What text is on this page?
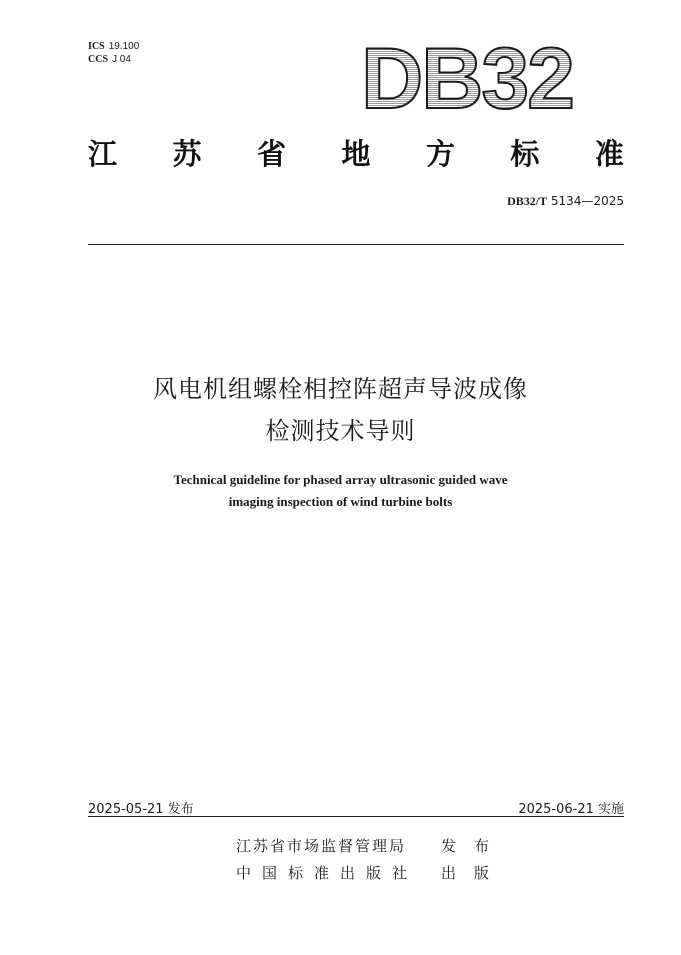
ICS 19.100
CCS J 04	DB32
江 苏 省 地 方 标 准
DB32/T 5134—2025
风电机组螺栓相控阵超声导波成像
检测技术导则
Technical guideline for phased array ultrasonic guided wave
imaging inspection of wind turbine bolts
2025-05-21 发布	2025-06-21 实施
江苏省市场监督管理局	发布
中国标准出版社	出版
